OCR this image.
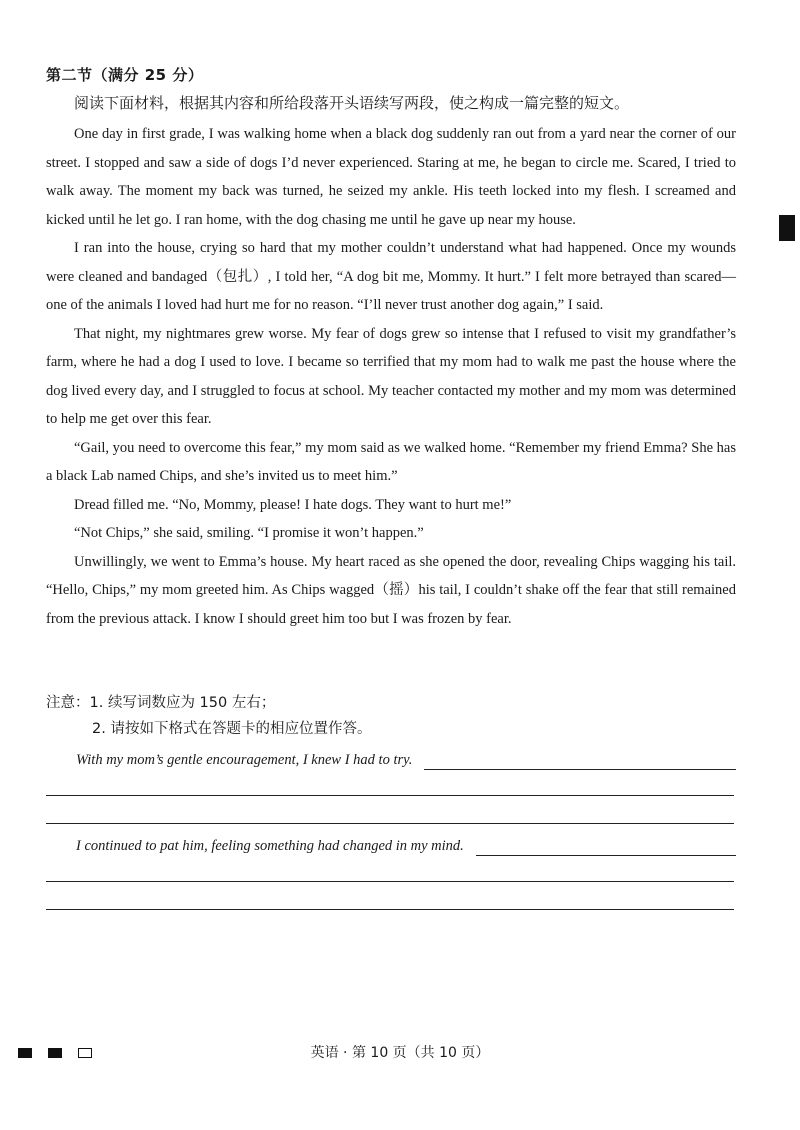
第二节（满分 25 分）
阅读下面材料，根据其内容和所给段落开头语续写两段，使之构成一篇完整的短文。

One day in first grade, I was walking home when a black dog suddenly ran out from a yard near the corner of our street. I stopped and saw a side of dogs I’d never experienced. Staring at me, he began to circle me. Scared, I tried to walk away. The moment my back was turned, he seized my ankle. His teeth locked into my flesh. I screamed and kicked until he let go. I ran home, with the dog chasing me until he gave up near my house.

I ran into the house, crying so hard that my mother couldn’t understand what had happened. Once my wounds were cleaned and bandaged（包扎）, I told her, “A dog bit me, Mommy. It hurt.” I felt more betrayed than scared—one of the animals I loved had hurt me for no reason. “I’ll never trust another dog again,” I said.

That night, my nightmares grew worse. My fear of dogs grew so intense that I refused to visit my grandfather’s farm, where he had a dog I used to love. I became so terrified that my mom had to walk me past the house where the dog lived every day, and I struggled to focus at school. My teacher contacted my mother and my mom was determined to help me get over this fear.

“Gail, you need to overcome this fear,” my mom said as we walked home. “Remember my friend Emma? She has a black Lab named Chips, and she’s invited us to meet him.”

Dread filled me. “No, Mommy, please! I hate dogs. They want to hurt me!”

“Not Chips,” she said, smiling. “I promise it won’t happen.”

Unwillingly, we went to Emma’s house. My heart raced as she opened the door, revealing Chips wagging his tail. “Hello, Chips,” my mom greeted him. As Chips wagged（摇）his tail, I couldn’t shake off the fear that still remained from the previous attack. I know I should greet him too but I was frozen by fear.

注意：1. 续写词数应为 150 左右；
2. 请按如下格式在答题卡的相应位置作答。
With my mom’s gentle encouragement, I knew I had to try.
I continued to pat him, feeling something had changed in my mind.
英语 · 第 10 页（共 10 页）
